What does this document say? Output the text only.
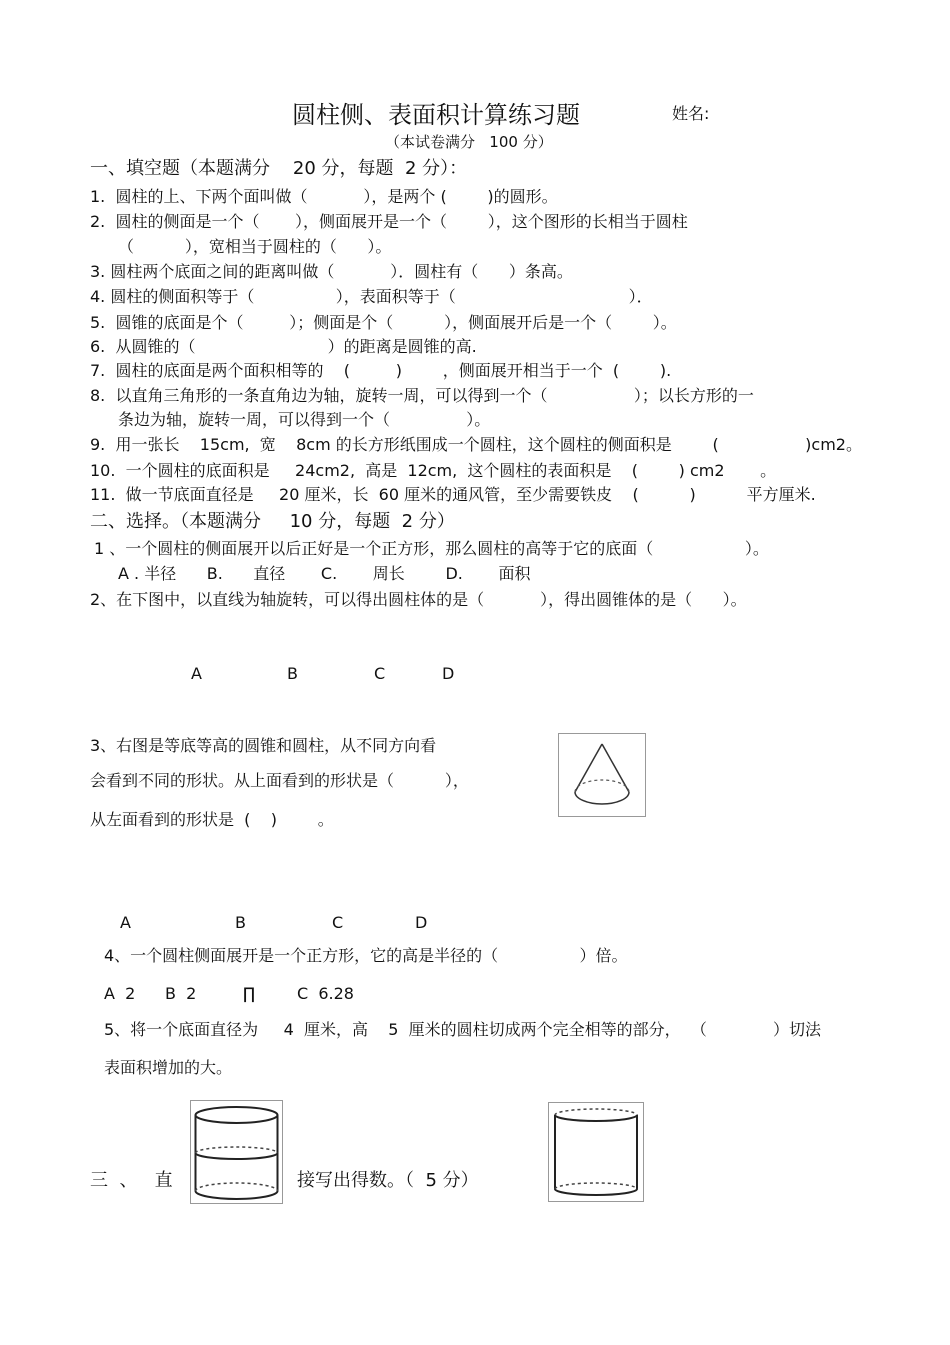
圆柱侧、表面积计算练习题	姓名:
（本试卷满分   100 分）
一、填空题（本题满分    20 分，每题  2 分）：
1.  圆柱的上、下两个面叫做（           ），是两个 (        )的圆形。
2.  圆柱的侧面是一个（       ），侧面展开是一个（        ），这个图形的长相当于圆柱
（          ），宽相当于圆柱的（      ）。
3. 圆柱两个底面之间的距离叫做（           ）．圆柱有（      ）条高。
4. 圆柱的侧面积等于（                ），表面积等于（                                  ）．
5.  圆锥的底面是个（         ）；侧面是个（          ），侧面展开后是一个（        ）。
6.  从圆锥的（                          ）的距离是圆锥的高.
7.  圆柱的底面是两个面积相等的    (         )        ，侧面展开相当于一个  (        ).
8.  以直角三角形的一条直角边为轴，旋转一周，可以得到一个（                 ）；以长方形的一
条边为轴，旋转一周，可以得到一个（               ）。
9.  用一张长    15cm,  宽    8cm 的长方形纸围成一个圆柱，这个圆柱的侧面积是        (                 )cm2。
10.  一个圆柱的底面积是     24cm2,  高是  12cm,  这个圆柱的表面积是    (        ) cm2       。
11.  做一节底面直径是     20 厘米，长  60 厘米的通风管，至少需要铁皮    (          )          平方厘米.
二、选择。（本题满分     10 分，每题  2 分）
1 、一个圆柱的侧面展开以后正好是一个正方形，那么圆柱的高等于它的底面（                  ）。
A . 半径      B.      直径       C.       周长        D.       面积
2、在下图中，以直线为轴旋转，可以得出圆柱体的是（           ），得出圆锥体的是（      ）。
A	B	C	D
3、右图是等底等高的圆锥和圆柱，从不同方向看
会看到不同的形状。从上面看到的形状是（          ），
从左面看到的形状是  (    )        。
A	B	C	D
4、一个圆柱侧面展开是一个正方形，它的高是半径的（                ）倍。
A  2 B  2	∏	C  6.28
5、将一个底面直径为     4  厘米，高    5  厘米的圆柱切成两个完全相等的部分，  （             ）切法
表面积增加的大。
三  、   直	接写出得数。（  5 分）
